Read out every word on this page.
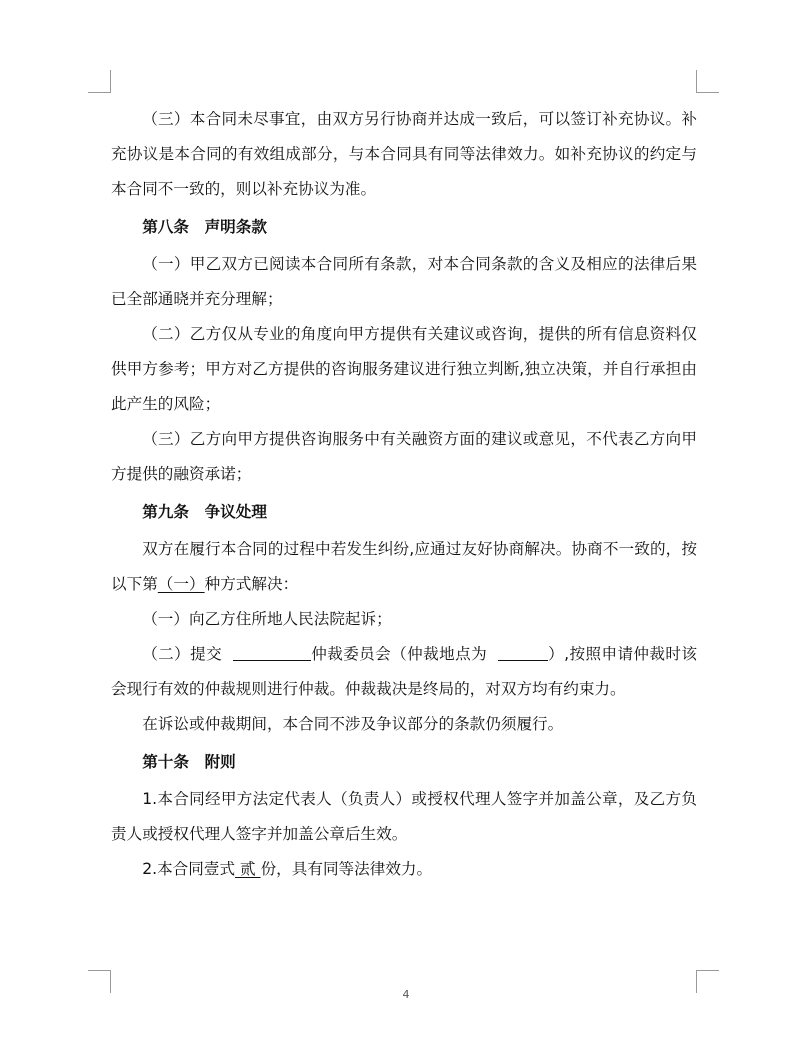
（三）本合同未尽事宜，由双方另行协商并达成一致后，可以签订补充协议。补充协议是本合同的有效组成部分，与本合同具有同等法律效力。如补充协议的约定与本合同不一致的，则以补充协议为准。

第八条　声明条款

（一）甲乙双方已阅读本合同所有条款，对本合同条款的含义及相应的法律后果已全部通晓并充分理解；

（二）乙方仅从专业的角度向甲方提供有关建议或咨询，提供的所有信息资料仅供甲方参考；甲方对乙方提供的咨询服务建议进行独立判断,独立决策，并自行承担由此产生的风险；

（三）乙方向甲方提供咨询服务中有关融资方面的建议或意见，不代表乙方向甲方提供的融资承诺；

第九条　争议处理

双方在履行本合同的过程中若发生纠纷,应通过友好协商解决。协商不一致的，按以下第（一）种方式解决：

（一）向乙方住所地人民法院起诉；

（二）提交	仲裁委员会（仲裁地点为	）,按照申请仲裁时该会现行有效的仲裁规则进行仲裁。仲裁裁决是终局的，对双方均有约束力。

在诉讼或仲裁期间，本合同不涉及争议部分的条款仍须履行。

第十条　附则

1.本合同经甲方法定代表人（负责人）或授权代理人签字并加盖公章，及乙方负责人或授权代理人签字并加盖公章后生效。

2.本合同壹式 贰 份，具有同等法律效力。

4
